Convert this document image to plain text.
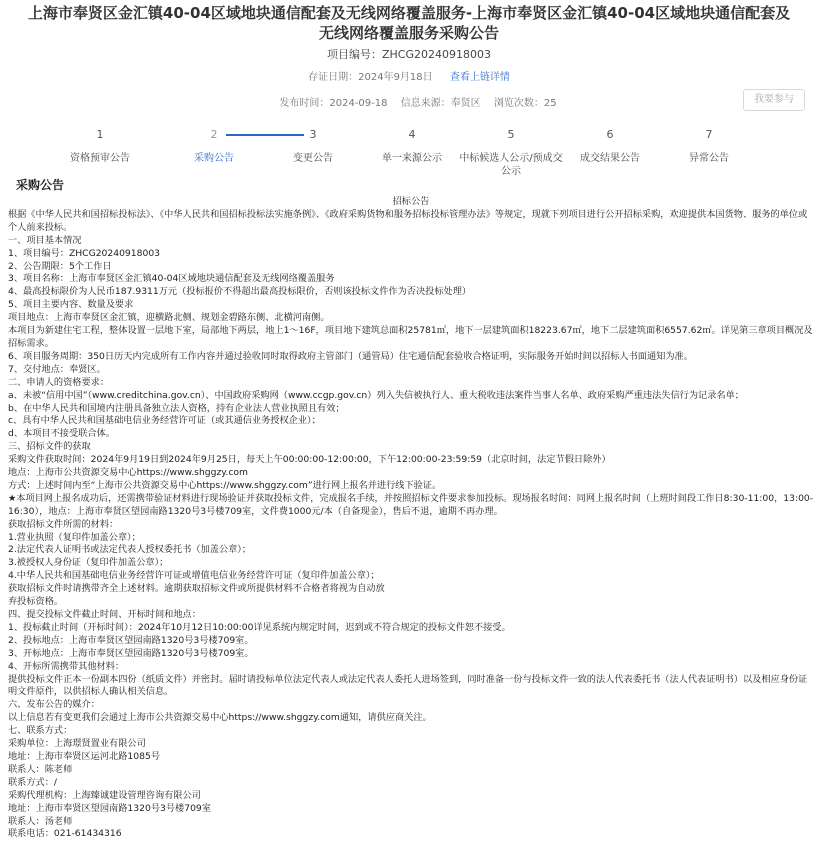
上海市奉贤区金汇镇40-04区域地块通信配套及无线网络覆盖服务-上海市奉贤区金汇镇40-04区域地块通信配套及
无线网络覆盖服务采购公告
项目编号：ZHCG20240918003
存证日期：2024年9月18日 查看上链详情
发布时间：2024-09-18 信息来源：奉贤区 浏览次数：25	我要参与
1
资格预审公告
2
采购公告
3
变更公告
4
单一来源公示
5
中标候选人公示/预成交公示
6
成交结果公告
7
异常公告
采购公告

招标公告

根据《中华人民共和国招标投标法》、《中华人民共和国招标投标法实施条例》、《政府采购货物和服务招标投标管理办法》等规定，现就下列项目进行公开招标采购，欢迎提供本国货物、服务的单位或个人前来投标。

一、项目基本情况

1、项目编号：ZHCG20240918003

2、公告期限：5个工作日

3、项目名称：上海市奉贤区金汇镇40-04区域地块通信配套及无线网络覆盖服务

4、最高投标限价为人民币187.9311万元（投标报价不得超出最高投标限价，否则该投标文件作为否决投标处理）

5、项目主要内容、数量及要求

项目地点：上海市奉贤区金汇镇，迎横路北侧、规划金碧路东侧、北横河南侧。

本项目为新建住宅工程，整体设置一层地下室，局部地下两层，地上1～16F，项目地下建筑总面积25781㎡，地下一层建筑面积18223.67㎡，地下二层建筑面积6557.62㎡。详见第三章项目概况及招标需求。

6、项目服务周期：350日历天内完成所有工作内容并通过验收同时取得政府主管部门（通管局）住宅通信配套验收合格证明，实际服务开始时间以招标人书面通知为准。

7、交付地点：奉贤区。

二、申请人的资格要求：

a、未被“信用中国”（www.creditchina.gov.cn）、中国政府采购网（www.ccgp.gov.cn）列入失信被执行人、重大税收违法案件当事人名单、政府采购严重违法失信行为记录名单；

b、在中华人民共和国境内注册具备独立法人资格，持有企业法人营业执照且有效；

c、具有中华人民共和国基础电信业务经营许可证（或其通信业务授权企业）；

d、本项目不接受联合体。

三、招标文件的获取

采购文件获取时间：2024年9月19日到2024年9月25日，每天上午00:00:00-12:00:00，下午12:00:00-23:59:59（北京时间，法定节假日除外）

地点：上海市公共资源交易中心https://www.shggzy.com

方式：上述时间内至“上海市公共资源交易中心https://www.shggzy.com”进行网上报名并进行线下验证。

★本项目网上报名成功后，还需携带验证材料进行现场验证并获取投标文件，完成报名手续，并按照招标文件要求参加投标。现场报名时间：同网上报名时间（上班时间段工作日8:30-11:00，13:00-16:30），地点：上海市奉贤区望园南路1320号3号楼709室，文件费1000元/本（自备现金），售后不退，逾期不再办理。

获取招标文件所需的材料：

1.营业执照（复印件加盖公章）；

2.法定代表人证明书或法定代表人授权委托书（加盖公章）；

3.被授权人身份证（复印件加盖公章）；

4.中华人民共和国基础电信业务经营许可证或增值电信业务经营许可证（复印件加盖公章）；

获取招标文件时请携带齐全上述材料。逾期获取招标文件或所提供材料不合格者将视为自动放

弃投标资格。

四、提交投标文件截止时间、开标时间和地点：

1、投标截止时间（开标时间）：2024年10月12日10:00:00详见系统内规定时间，迟到或不符合规定的投标文件恕不接受。

2、投标地点：上海市奉贤区望园南路1320号3号楼709室。

3、开标地点：上海市奉贤区望园南路1320号3号楼709室。

4、开标所需携带其他材料：

提供投标文件正本一份副本四份（纸质文件）并密封。届时请投标单位法定代表人或法定代表人委托人进场签到，同时准备一份与投标文件一致的法人代表委托书（法人代表证明书）以及相应身份证明文件原件，以供招标人确认相关信息。

六、发布公告的媒介：

以上信息若有变更我们会通过上海市公共资源交易中心https://www.shggzy.com通知，请供应商关注。

七、联系方式：

采购单位：上海璟贤置业有限公司

地址：上海市奉贤区运河北路1085号

联系人：陈老师

联系方式：/

采购代理机构：上海臻诚建设管理咨询有限公司

地址：上海市奉贤区望园南路1320号3号楼709室

联系人：汤老师

联系电话：021-61434316
